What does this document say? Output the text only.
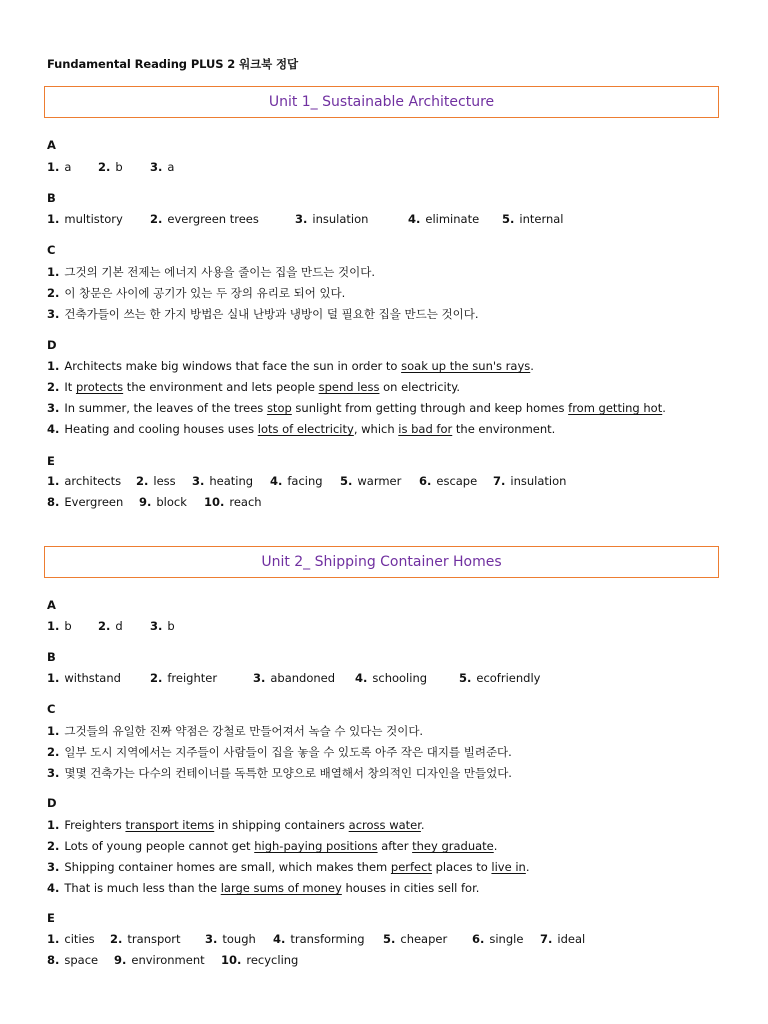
Fundamental Reading PLUS 2 워크북 정답
Unit 1_ Sustainable Architecture
A
1. a 2. b 3. a
B
1. multistory 2. evergreen trees	3. insulation	4. eliminate 5. internal
C
1. 그것의 기본 전제는 에너지 사용을 줄이는 집을 만드는 것이다.
2. 이 창문은 사이에 공기가 있는 두 장의 유리로 되어 있다.
3. 건축가들이 쓰는 한 가지 방법은 실내 난방과 냉방이 덜 필요한 집을 만드는 것이다.
D
1. Architects make big windows that face the sun in order to soak up the sun's rays.
2. It protects the environment and lets people spend less on electricity.
3. In summer, the leaves of the trees stop sunlight from getting through and keep homes from getting hot.
4. Heating and cooling houses uses lots of electricity, which is bad for the environment.
E
1. architects 2. less 3. heating 4. facing 5. warmer 6. escape 7. insulation
8. Evergreen 9. block 10. reach
Unit 2_ Shipping Container Homes
A
1. b 2. d 3. b
B
1. withstand	2. freighter	3. abandoned 4. schooling	5. ecofriendly
C
1. 그것들의 유일한 진짜 약점은 강철로 만들어져서 녹슬 수 있다는 것이다.
2. 일부 도시 지역에서는 지주들이 사람들이 집을 놓을 수 있도록 아주 작은 대지를 빌려준다.
3. 몇몇 건축가는 다수의 컨테이너를 독특한 모양으로 배열해서 창의적인 디자인을 만들었다.
D
1. Freighters transport items in shipping containers across water.
2. Lots of young people cannot get high-paying positions after they graduate.
3. Shipping container homes are small, which makes them perfect places to live in.
4. That is much less than the large sums of money houses in cities sell for.
E
1. cities 2. transport 3. tough 4. transforming 5. cheaper 6. single 7. ideal
8. space 9. environment 10. recycling
